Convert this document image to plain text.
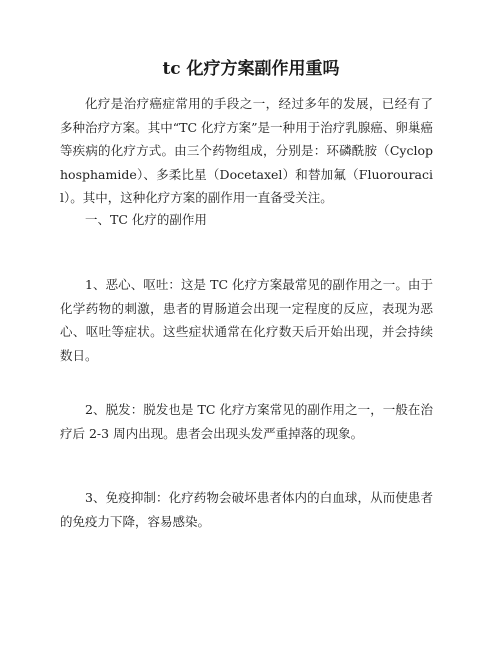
tc 化疗方案副作用重吗

化疗是治疗癌症常用的手段之一，经过多年的发展，已经有了多种治疗方案。其中“TC 化疗方案”是一种用于治疗乳腺癌、卵巢癌等疾病的化疗方式。由三个药物组成，分别是：环磷酰胺（Cyclophosphamide）、多柔比星（Docetaxel）和替加氟（Fluorouracil）。其中，这种化疗方案的副作用一直备受关注。

一、TC 化疗的副作用

1、恶心、呕吐：这是 TC 化疗方案最常见的副作用之一。由于化学药物的刺激，患者的胃肠道会出现一定程度的反应，表现为恶心、呕吐等症状。这些症状通常在化疗数天后开始出现，并会持续数日。

2、脱发：脱发也是 TC 化疗方案常见的副作用之一，一般在治疗后 2-3 周内出现。患者会出现头发严重掉落的现象。

3、免疫抑制：化疗药物会破坏患者体内的白血球，从而使患者的免疫力下降，容易感染。
